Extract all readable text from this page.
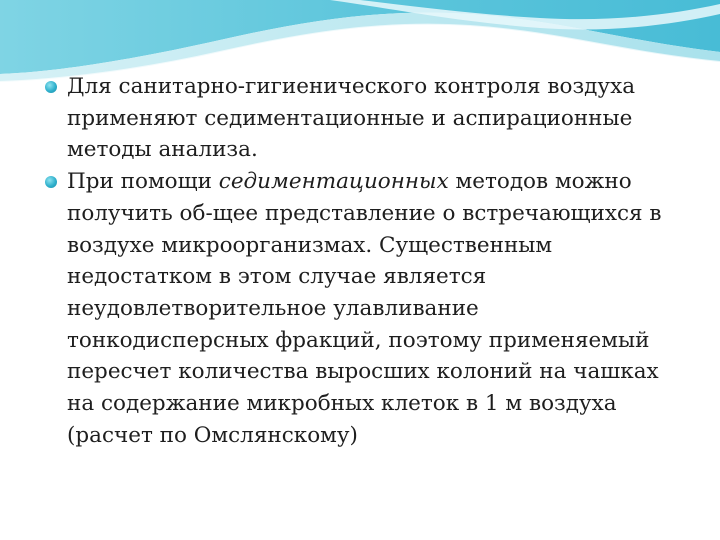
Для санитарно-гигиенического контроля воздуха
применяют седиментационные и аспирационные
методы анализа.
При помощи седиментационных методов можно
получить об-щее представление о встречающихся в
воздухе микроорганизмах. Существенным
недостатком в этом случае является
неудовлетворительное улавливание
тонкодисперсных фракций, поэтому применяемый
пересчет количества выросших колоний на чашках
на содержание микробных клеток в 1 м воздуха
(расчет по Омслянскому)
